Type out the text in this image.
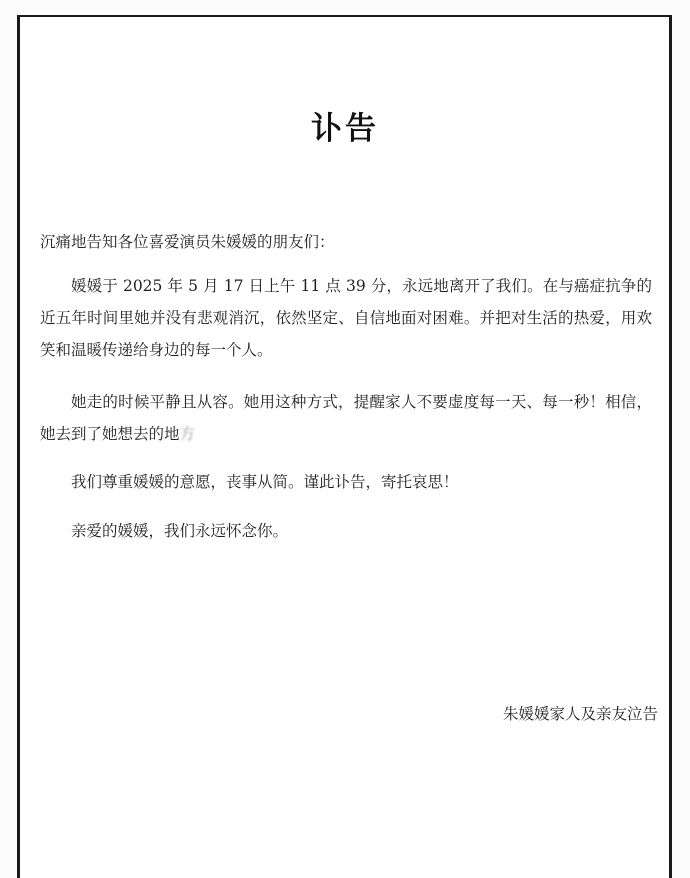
讣告
沉痛地告知各位喜爱演员朱媛媛的朋友们：
媛媛于 2025 年 5 月 17 日上午 11 点 39 分，永远地离开了我们。在与癌症抗争的近五年时间里她并没有悲观消沉，依然坚定、自信地面对困难。并把对生活的热爱，用欢笑和温暖传递给身边的每一个人。
她走的时候平静且从容。她用这种方式，提醒家人不要虚度每一天、每一秒！相信，她去到了她想去的地方
我们尊重媛媛的意愿，丧事从简。谨此讣告，寄托哀思！
亲爱的媛媛，我们永远怀念你。
朱媛媛家人及亲友泣告
